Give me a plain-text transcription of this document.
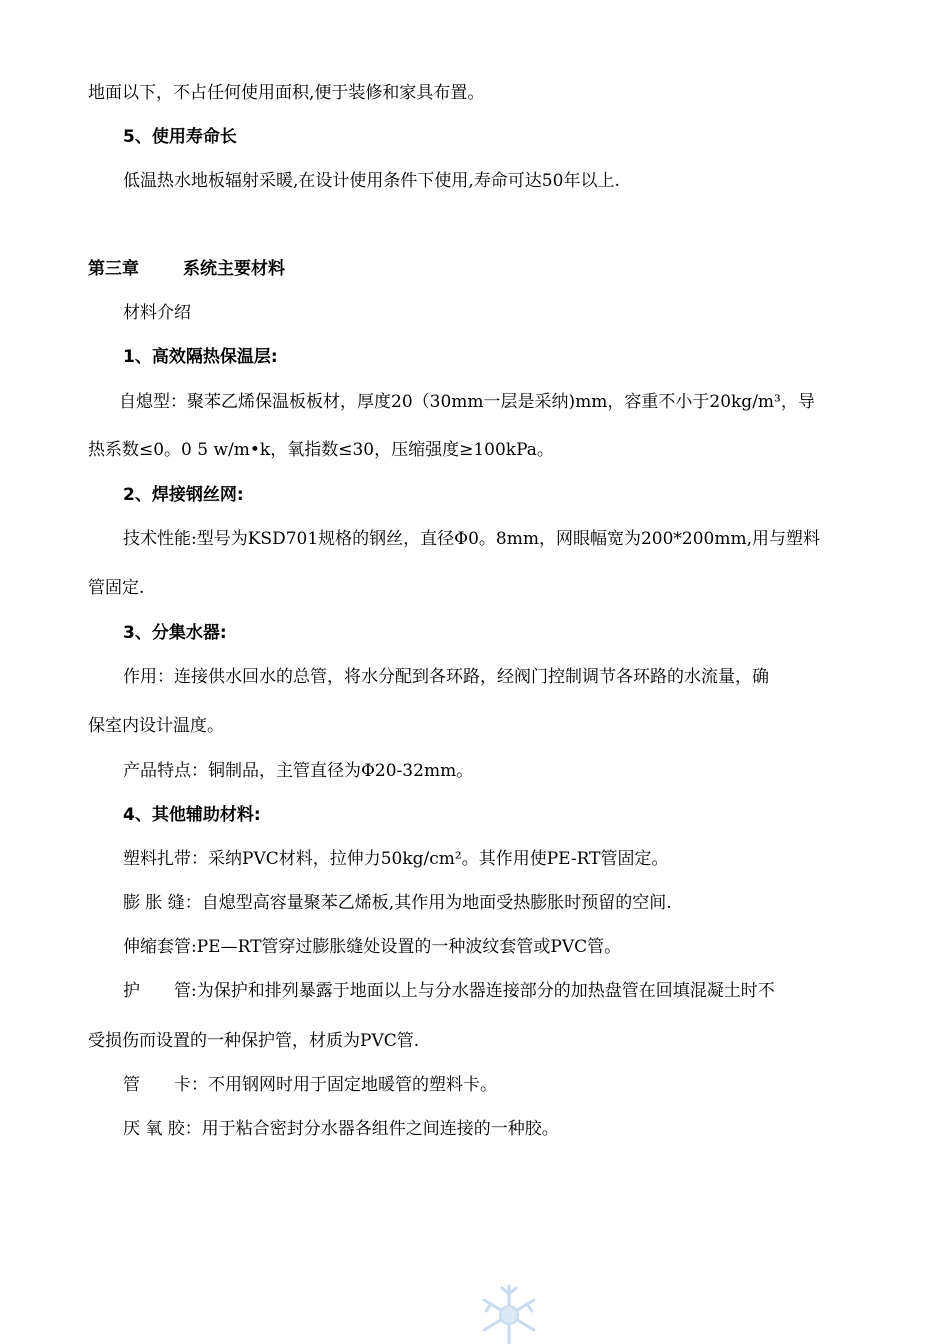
地面以下，不占任何使用面积,便于装修和家具布置。
5、使用寿命长
低温热水地板辐射采暖,在设计使用条件下使用,寿命可达50年以上.
第三章	系统主要材料
材料介绍
1、高效隔热保温层:
自熄型：聚苯乙烯保温板板材，厚度20（30mm一层是采纳)mm，容重不小于20kg/m³，导
热系数≤0。0 5 w/m•k，氧指数≤30，压缩强度≥100kPa。
2、焊接钢丝网:
技术性能:型号为KSD701规格的钢丝，直径Φ0。8mm，网眼幅宽为200*200mm,用与塑料
管固定.
3、分集水器:
作用：连接供水回水的总管，将水分配到各环路，经阀门控制调节各环路的水流量，确
保室内设计温度。
产品特点：铜制品，主管直径为Φ20-32mm。
4、其他辅助材料:
塑料扎带：采纳PVC材料，拉伸力50kg/cm²。其作用使PE-RT管固定。
膨 胀 缝：自熄型高容量聚苯乙烯板,其作用为地面受热膨胀时预留的空间.
伸缩套管:PE—RT管穿过膨胀缝处设置的一种波纹套管或PVC管。
护　　管:为保护和排列暴露于地面以上与分水器连接部分的加热盘管在回填混凝土时不
受损伤而设置的一种保护管，材质为PVC管.
管　　卡：不用钢网时用于固定地暖管的塑料卡。
厌 氧 胶：用于粘合密封分水器各组件之间连接的一种胶。
